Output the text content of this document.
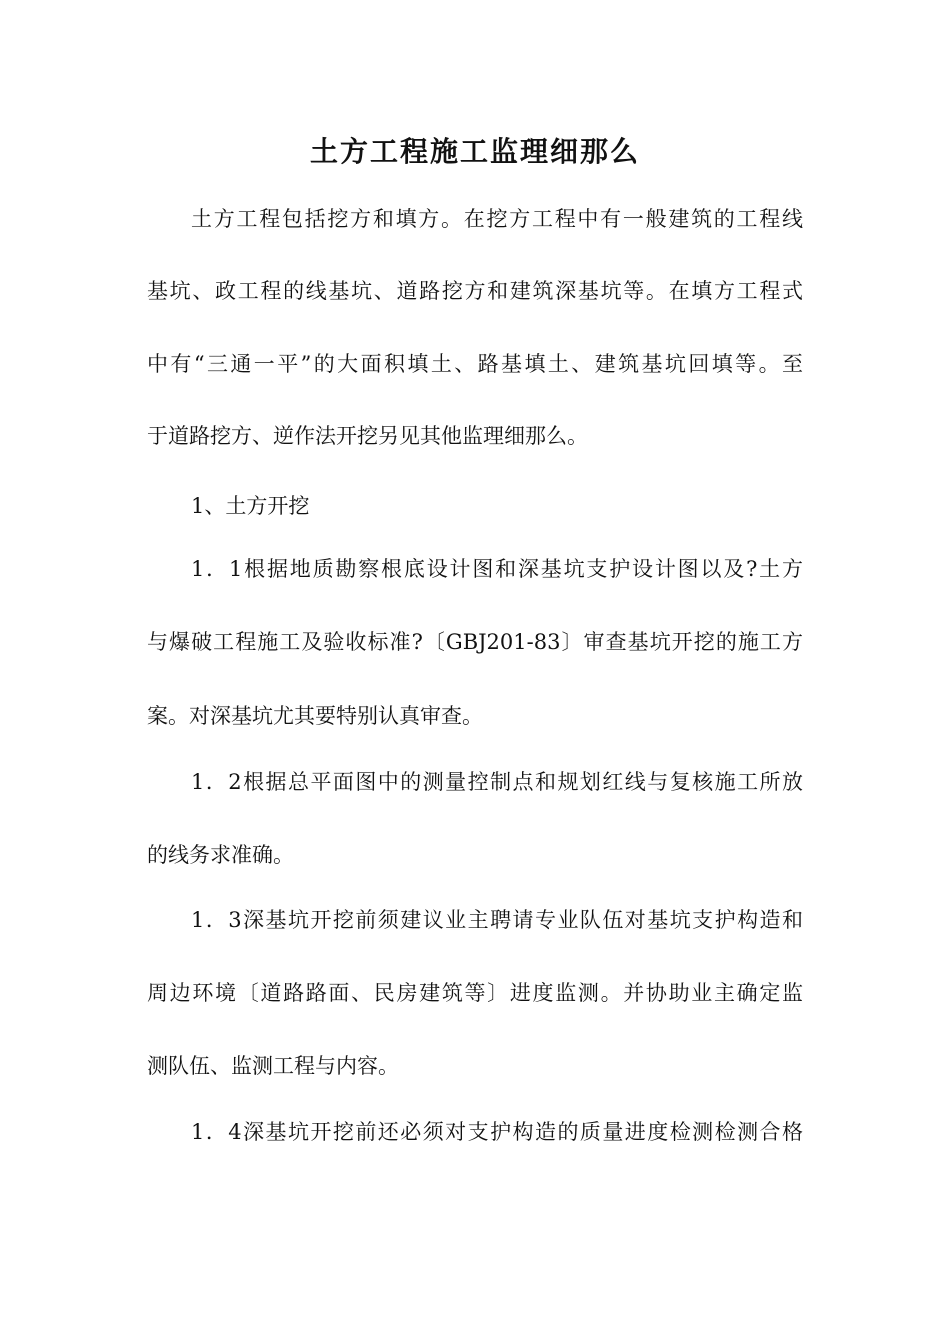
土方工程施工监理细那么
土方工程包括挖方和填方。在挖方工程中有一般建筑的工程线
基坑、政工程的线基坑、道路挖方和建筑深基坑等。在填方工程式
中有“三通一平”的大面积填土、路基填土、建筑基坑回填等。至
于道路挖方、逆作法开挖另见其他监理细那么。
1、土方开挖
1．1根据地质勘察根底设计图和深基坑支护设计图以及?土方
与爆破工程施工及验收标准?〔GBJ201-83〕审查基坑开挖的施工方
案。对深基坑尤其要特别认真审查。
1．2根据总平面图中的测量控制点和规划红线与复核施工所放
的线务求准确。
1．3深基坑开挖前须建议业主聘请专业队伍对基坑支护构造和
周边环境〔道路路面、民房建筑等〕进度监测。并协助业主确定监
测队伍、监测工程与内容。
1．4深基坑开挖前还必须对支护构造的质量进度检测检测合格
